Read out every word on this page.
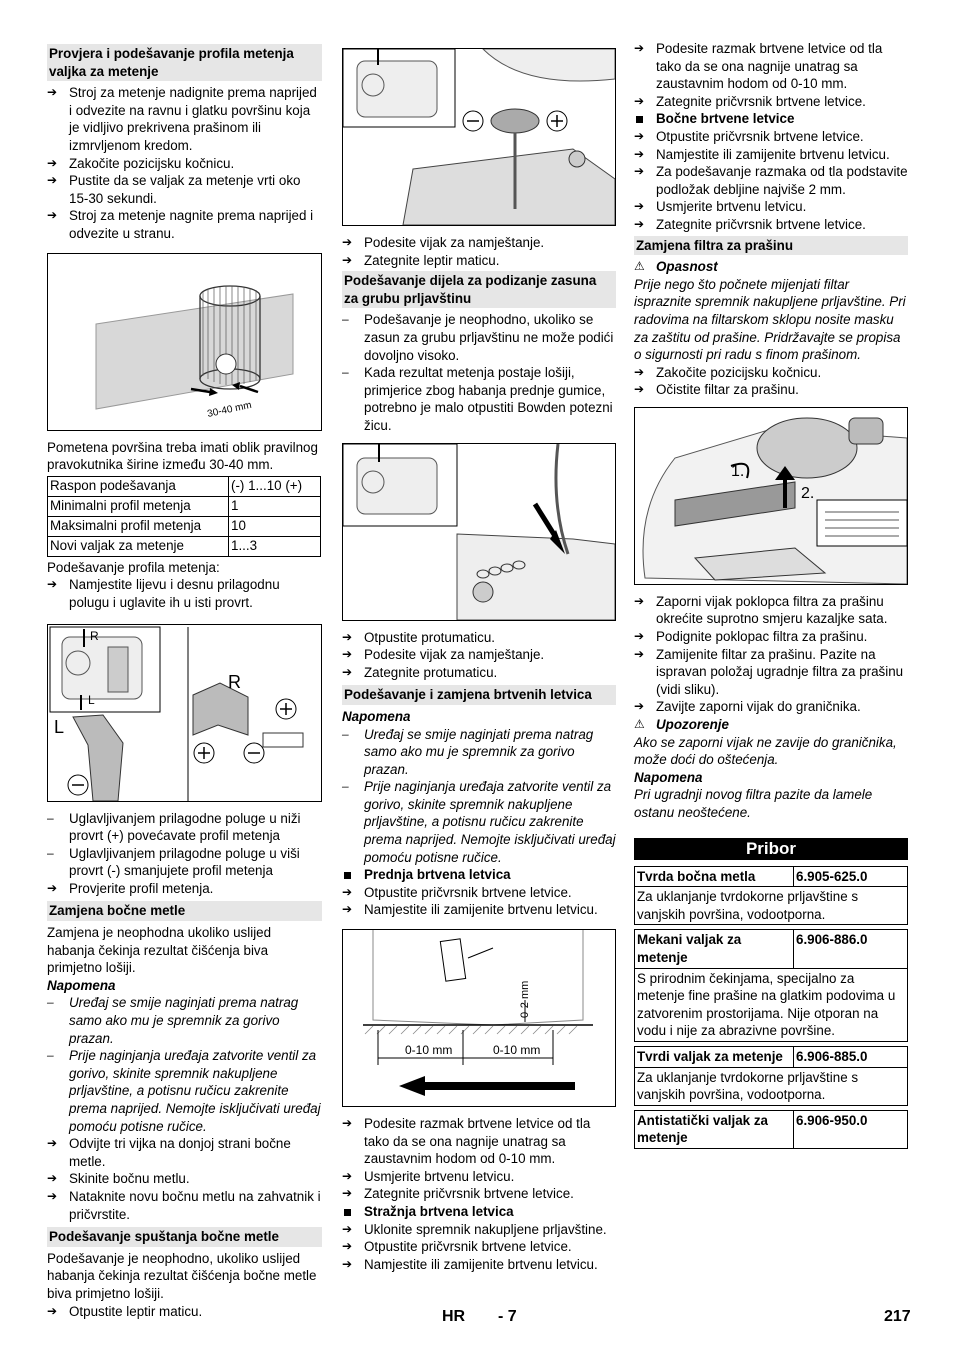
Provjera i podešavanje profila metenja valjka za metenje
➔ Stroj za metenje nadignite prema naprijed i odvezite na ravnu i glatku površinu koja je vidljivo prekrivena prašinom ili izmrvljenom kredom.
➔ Zakočite pozicijsku kočnicu.
➔ Pustite da se valjak za metenje vrti oko 15-30 sekundi.
➔ Stroj za metenje nagnite prema naprijed i odvezite u stranu.
30-40 mm
Pometena površina treba imati oblik pravilnog pravokutnika širine između 30-40 mm.
Raspon podešavanja	(-) 1...10 (+)
Minimalni profil metenja	1
Maksimalni profil metenja	10
Novi valjak za metenje	1...3
Podešavanje profila metenja:
➔ Namjestite lijevu i desnu prilagodnu polugu i uglavite ih u isti provrt.
R
L
R
L
–	Uglavljivanjem prilagodne poluge u niži provrt (+) povećavate profil metenja
–	Uglavljivanjem prilagodne poluge u viši provrt (-) smanjujete profil metenja
➔ Provjerite profil metenja.
Zamjena bočne metle
Zamjena je neophodna ukoliko uslijed habanja čekinja rezultat čišćenja biva primjetno lošiji.
Napomena
–	Uređaj se smije naginjati prema natrag samo ako mu je spremnik za gorivo prazan.
–	Prije naginjanja uređaja zatvorite ventil za gorivo, skinite spremnik nakupljene prljavštine, a potisnu ručicu zakrenite prema naprijed. Nemojte isključivati uređaj pomoću potisne ručice.
➔ Odvijte tri vijka na donjoj strani bočne metle.
➔ Skinite bočnu metlu.
➔ Nataknite novu bočnu metlu na zahvatnik i pričvrstite.
Podešavanje spuštanja bočne metle
Podešavanje je neophodno, ukoliko uslijed habanja čekinja rezultat čišćenja bočne metle biva primjetno lošiji.
➔ Otpustite leptir maticu.
➔ Podesite vijak za namještanje.
➔ Zategnite leptir maticu.
Podešavanje dijela za podizanje zasuna za grubu prljavštinu
–	Podešavanje je neophodno, ukoliko se zasun za grubu prljavštinu ne može podići dovoljno visoko.
–	Kada rezultat metenja postaje lošiji, primjerice zbog habanja prednje gumice, potrebno je malo otpustiti Bowden potezni žicu.
➔ Otpustite protumaticu.
➔ Podesite vijak za namještanje.
➔ Zategnite protumaticu.
Podešavanje i zamjena brtvenih letvica
Napomena
–	Uređaj se smije naginjati prema natrag samo ako mu je spremnik za gorivo prazan.
–	Prije naginjanja uređaja zatvorite ventil za gorivo, skinite spremnik nakupljene prljavštine, a potisnu ručicu zakrenite prema naprijed. Nemojte isključivati uređaj pomoću potisne ručice.
Prednja brtvena letvica
➔ Otpustite pričvrsnik brtvene letvice.
➔ Namjestite ili zamijenite brtvenu letvicu.
0-2 mm
0-10 mm	0-10 mm
➔ Podesite razmak brtvene letvice od tla tako da se ona nagnije unatrag sa zaustavnim hodom od 0-10 mm.
➔ Usmjerite brtvenu letvicu.
➔ Zategnite pričvrsnik brtvene letvice.
Stražnja brtvena letvica
➔ Uklonite spremnik nakupljene prljavštine.
➔ Otpustite pričvrsnik brtvene letvice.
➔ Namjestite ili zamijenite brtvenu letvicu.
➔ Podesite razmak brtvene letvice od tla tako da se ona nagnije unatrag sa zaustavnim hodom od 0-10 mm.
➔ Zategnite pričvrsnik brtvene letvice.
Bočne brtvene letvice
➔ Otpustite pričvrsnik brtvene letvice.
➔ Namjestite ili zamijenite brtvenu letvicu.
➔ Za podešavanje razmaka od tla podstavite podložak debljine najviše 2 mm.
➔ Usmjerite brtvenu letvicu.
➔ Zategnite pričvrsnik brtvene letvice.
Zamjena filtra za prašinu
⚠ Opasnost
Prije nego što počnete mijenjati filtar ispraznite spremnik nakupljene prljavštine. Pri radovima na filtarskom sklopu nosite masku za zaštitu od prašine. Pridržavajte se propisa o sigurnosti pri radu s finom prašinom.
➔ Zakočite pozicijsku kočnicu.
➔ Očistite filtar za prašinu.
1.
2.
➔ Zaporni vijak poklopca filtra za prašinu okrećite suprotno smjeru kazaljke sata.
➔ Podignite poklopac filtra za prašinu.
➔ Zamijenite filtar za prašinu. Pazite na ispravan položaj ugradnje filtra za prašinu (vidi sliku).
➔ Zavijte zaporni vijak do graničnika.
⚠ Upozorenje
Ako se zaporni vijak ne zavije do graničnika, može doći do oštećenja.
Napomena
Pri ugradnji novog filtra pazite da lamele ostanu neoštećene.
Pribor
Tvrda bočna metla	6.905-625.0
Za uklanjanje tvrdokorne prljavštine s vanjskih površina, vodootporna.
Mekani valjak za metenje	6.906-886.0
S prirodnim čekinjama, specijalno za metenje fine prašine na glatkim podovima u zatvorenim prostorijama. Nije otporan na vodu i nije za abrazivne površine.
Tvrdi valjak za metenje	6.906-885.0
Za uklanjanje tvrdokorne prljavštine s vanjskih površina, vodootporna.
Antistatički valjak za metenje	6.906-950.0
HR - 7	217
